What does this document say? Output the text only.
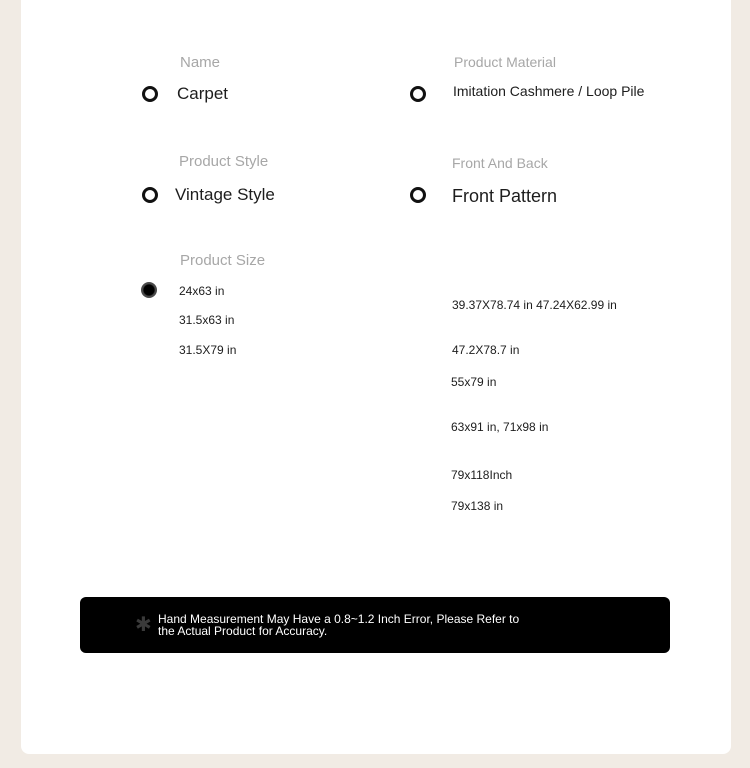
Name
Carpet
Product Material
Imitation Cashmere / Loop Pile
Product Style
Vintage Style
Front And Back
Front Pattern
Product Size
24x63 in
31.5x63 in
31.5X79 in
39.37X78.74 in 47.24X62.99 in
47.2X78.7 in
55x79 in
63x91 in, 71x98 in
79x118Inch
79x138 in
✱ Hand Measurement May Have a 0.8~1.2 Inch Error, Please Refer to the Actual Product for Accuracy.
